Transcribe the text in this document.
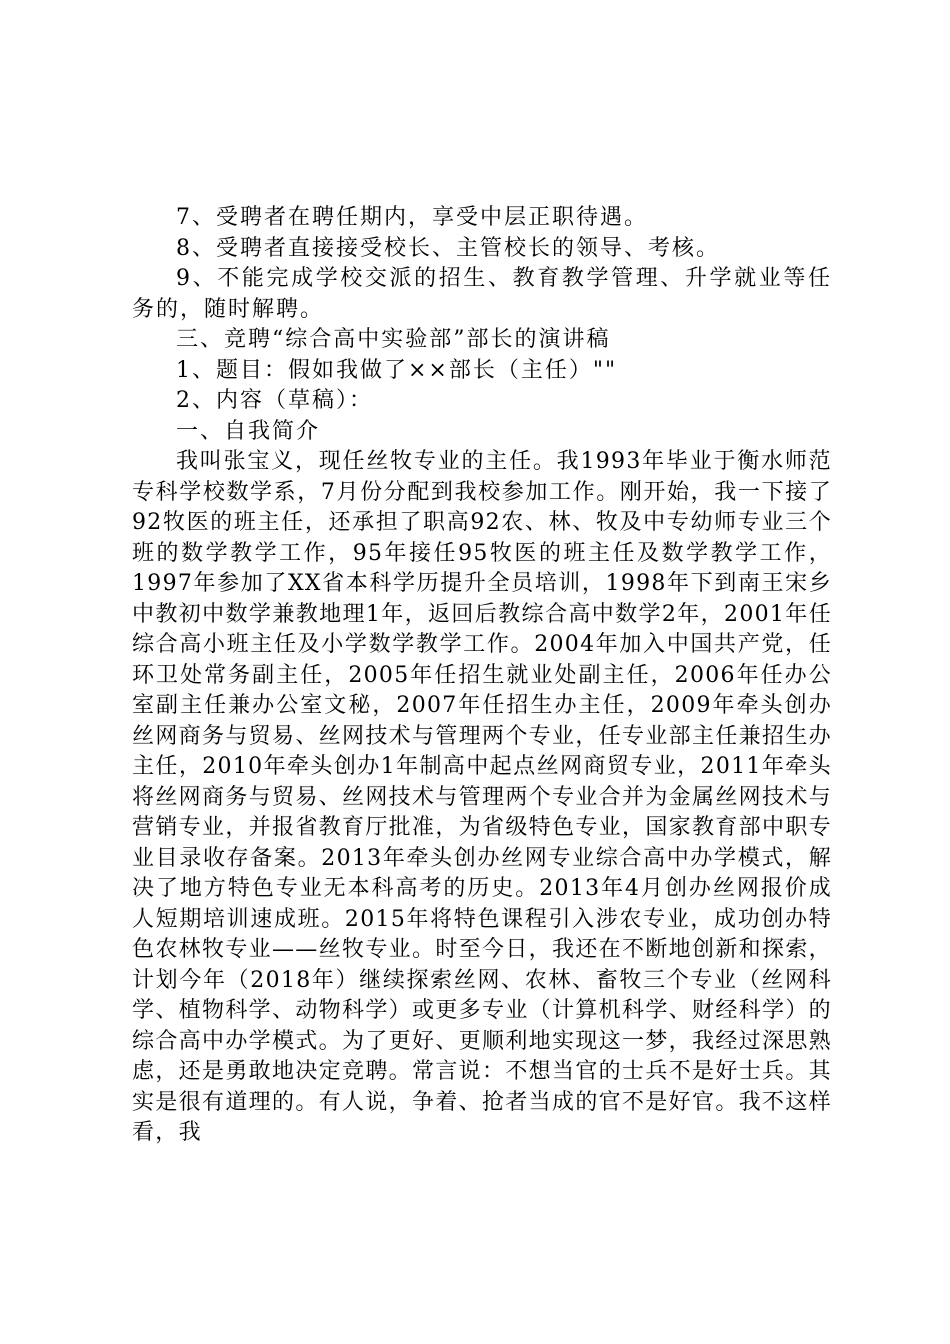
7、受聘者在聘任期内，享受中层正职待遇。

8、受聘者直接接受校长、主管校长的领导、考核。

9、不能完成学校交派的招生、教育教学管理、升学就业等任务的，随时解聘。

三、竞聘“综合高中实验部”部长的演讲稿

1、题目：假如我做了××部长（主任）""

2、内容（草稿）：

一、自我简介

我叫张宝义，现任丝牧专业的主任。我1993年毕业于衡水师范专科学校数学系，7月份分配到我校参加工作。刚开始，我一下接了92牧医的班主任，还承担了职高92农、林、牧及中专幼师专业三个班的数学教学工作，95年接任95牧医的班主任及数学教学工作，1997年参加了XX省本科学历提升全员培训，1998年下到南王宋乡中教初中数学兼教地理1年，返回后教综合高中数学2年，2001年任综合高小班主任及小学数学教学工作。2004年加入中国共产党，任环卫处常务副主任，2005年任招生就业处副主任，2006年任办公室副主任兼办公室文秘，2007年任招生办主任，2009年牵头创办丝网商务与贸易、丝网技术与管理两个专业，任专业部主任兼招生办主任，2010年牵头创办1年制高中起点丝网商贸专业，2011年牵头将丝网商务与贸易、丝网技术与管理两个专业合并为金属丝网技术与营销专业，并报省教育厅批准，为省级特色专业，国家教育部中职专业目录收存备案。2013年牵头创办丝网专业综合高中办学模式，解决了地方特色专业无本科高考的历史。2013年4月创办丝网报价成人短期培训速成班。2015年将特色课程引入涉农专业，成功创办特色农林牧专业——丝牧专业。时至今日，我还在不断地创新和探索，计划今年（2018年）继续探索丝网、农林、畜牧三个专业（丝网科学、植物科学、动物科学）或更多专业（计算机科学、财经科学）的综合高中办学模式。为了更好、更顺利地实现这一梦，我经过深思熟虑，还是勇敢地决定竞聘。常言说：不想当官的士兵不是好士兵。其实是很有道理的。有人说，争着、抢者当成的官不是好官。我不这样看，我
